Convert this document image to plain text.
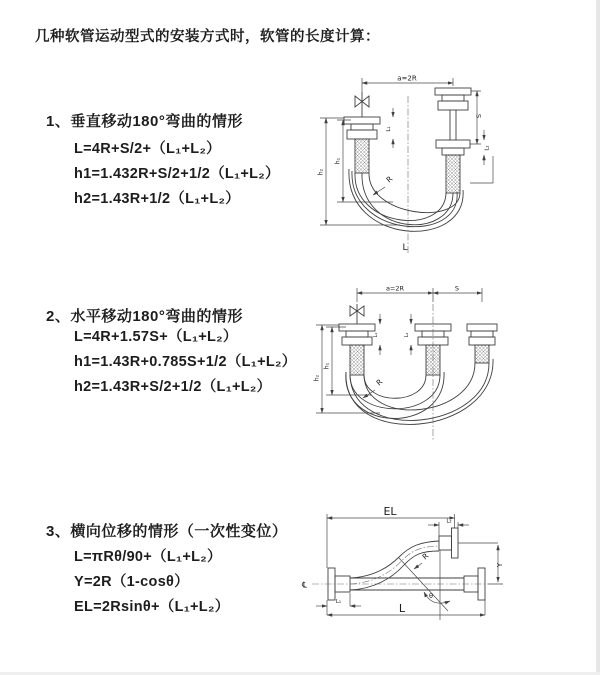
几种软管运动型式的安装方式时，软管的长度计算：
1、垂直移动180°弯曲的情形
L=4R+S/2+（L₁+L₂）
h1=1.432R+S/2+1/2（L₁+L₂）
h2=1.43R+1/2（L₁+L₂）
2、水平移动180°弯曲的情形
L=4R+1.57S+（L₁+L₂）
h1=1.43R+0.785S+1/2（L₁+L₂）
h2=1.43R+S/2+1/2（L₁+L₂）
3、横向位移的情形（一次性变位）
L=πRθ/90+（L₁+L₂）
Y=2R（1-cosθ）
EL=2Rsinθ+（L₁+L₂）
a=2R
L₁
S
L₂
h₂
h₁
R
L
a=2R	S
L₁	L₂
h₂
h₁
R
EL
L₂
Y
L
L₁
℄
R
θ
